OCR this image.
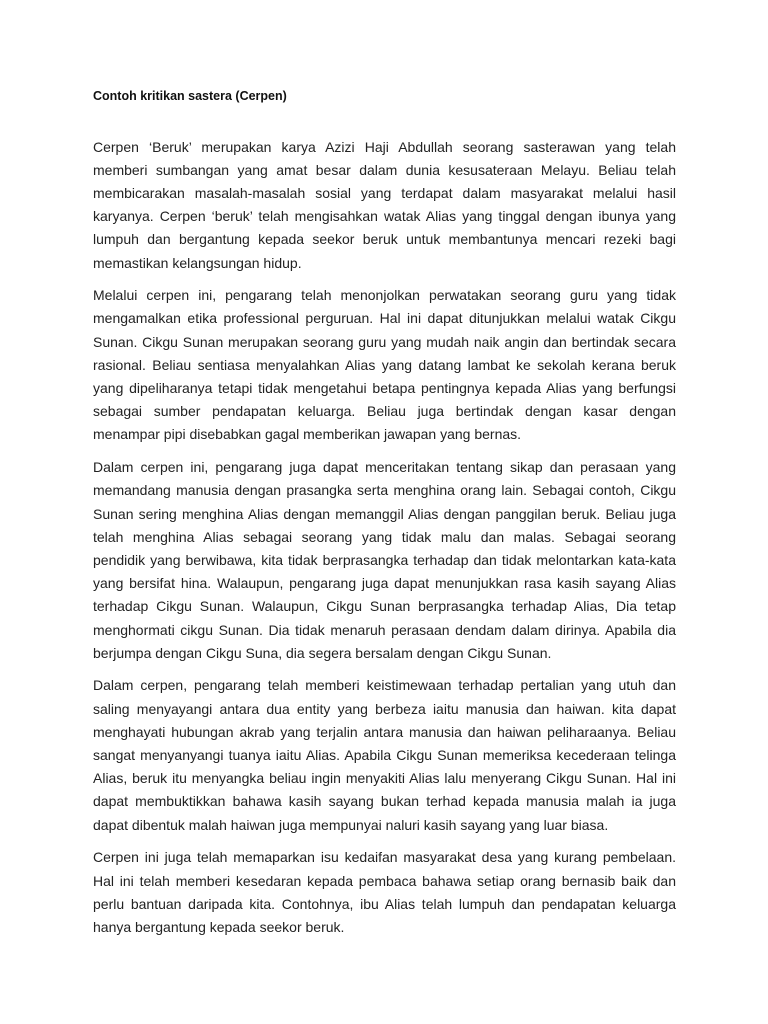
Contoh kritikan sastera (Cerpen)

Cerpen ‘Beruk’ merupakan karya Azizi Haji Abdullah seorang sasterawan yang telah
memberi sumbangan yang amat besar dalam dunia kesusateraan Melayu. Beliau telah
membicarakan masalah-masalah sosial yang terdapat dalam masyarakat melalui hasil
karyanya. Cerpen ‘beruk’ telah mengisahkan watak Alias yang tinggal dengan ibunya yang
lumpuh dan bergantung kepada seekor beruk untuk membantunya mencari rezeki bagi
memastikan kelangsungan hidup.

Melalui cerpen ini, pengarang telah menonjolkan perwatakan seorang guru yang tidak
mengamalkan etika professional perguruan. Hal ini dapat ditunjukkan melalui watak Cikgu
Sunan. Cikgu Sunan merupakan seorang guru yang mudah naik angin dan bertindak secara
rasional. Beliau sentiasa menyalahkan Alias yang datang lambat ke sekolah kerana beruk
yang dipeliharanya tetapi tidak mengetahui betapa pentingnya kepada Alias yang berfungsi
sebagai sumber pendapatan keluarga. Beliau juga bertindak dengan kasar dengan
menampar pipi disebabkan gagal memberikan jawapan yang bernas.

Dalam cerpen ini, pengarang juga dapat menceritakan tentang sikap dan perasaan yang
memandang manusia dengan prasangka serta menghina orang lain. Sebagai contoh, Cikgu
Sunan sering menghina Alias dengan memanggil Alias dengan panggilan beruk. Beliau juga
telah menghina Alias sebagai seorang yang tidak malu dan malas. Sebagai seorang
pendidik yang berwibawa, kita tidak berprasangka terhadap dan tidak melontarkan kata-kata
yang bersifat hina. Walaupun, pengarang juga dapat menunjukkan rasa kasih sayang Alias
terhadap Cikgu Sunan. Walaupun, Cikgu Sunan berprasangka terhadap Alias, Dia tetap
menghormati cikgu Sunan. Dia tidak menaruh perasaan dendam dalam dirinya. Apabila dia
berjumpa dengan Cikgu Suna, dia segera bersalam dengan Cikgu Sunan.

Dalam cerpen, pengarang telah memberi keistimewaan terhadap pertalian yang utuh dan
saling menyayangi antara dua entity yang berbeza iaitu manusia dan haiwan. kita dapat
menghayati hubungan akrab yang terjalin antara manusia dan haiwan peliharaanya. Beliau
sangat menyanyangi tuanya iaitu Alias. Apabila Cikgu Sunan memeriksa kecederaan telinga
Alias, beruk itu menyangka beliau ingin menyakiti Alias lalu menyerang Cikgu Sunan. Hal ini
dapat membuktikkan bahawa kasih sayang bukan terhad kepada manusia malah ia juga
dapat dibentuk malah haiwan juga mempunyai naluri kasih sayang yang luar biasa.

Cerpen ini juga telah memaparkan isu kedaifan masyarakat desa yang kurang pembelaan.
Hal ini telah memberi kesedaran kepada pembaca bahawa setiap orang bernasib baik dan
perlu bantuan daripada kita. Contohnya, ibu Alias telah lumpuh dan pendapatan keluarga
hanya bergantung kepada seekor beruk.
